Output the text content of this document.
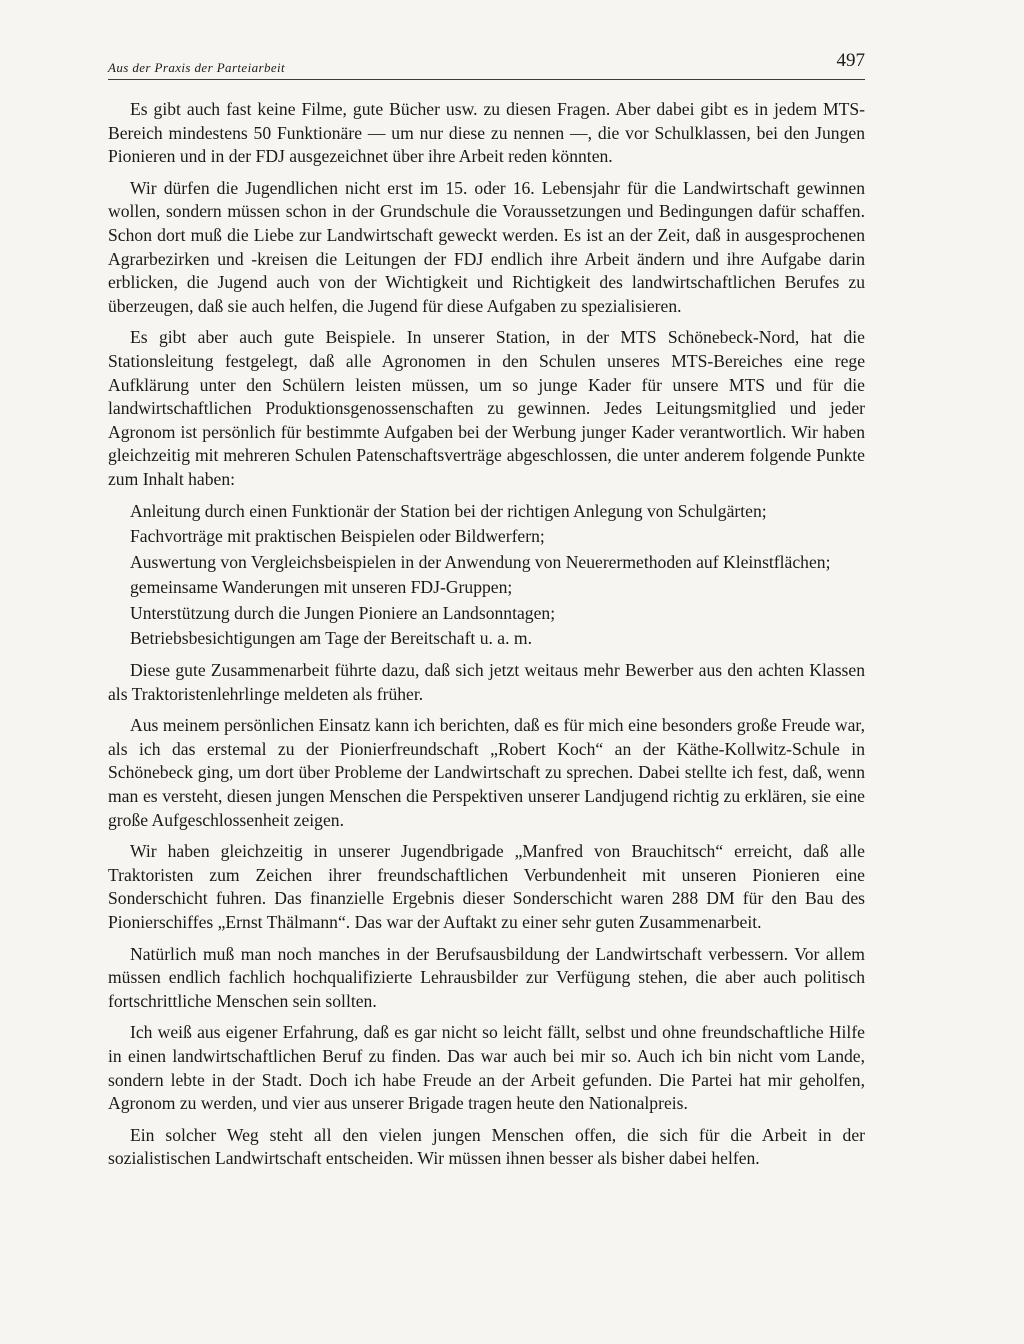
Aus der Praxis der Parteiarbeit	497

Es gibt auch fast keine Filme, gute Bücher usw. zu diesen Fragen. Aber dabei gibt es in jedem MTS-Bereich mindestens 50 Funktionäre — um nur diese zu nennen —, die vor Schulklassen, bei den Jungen Pionieren und in der FDJ ausgezeichnet über ihre Arbeit reden könnten.

Wir dürfen die Jugendlichen nicht erst im 15. oder 16. Lebensjahr für die Landwirtschaft gewinnen wollen, sondern müssen schon in der Grundschule die Voraussetzungen und Bedingungen dafür schaffen. Schon dort muß die Liebe zur Landwirtschaft geweckt werden. Es ist an der Zeit, daß in ausgesprochenen Agrarbezirken und -kreisen die Leitungen der FDJ endlich ihre Arbeit ändern und ihre Aufgabe darin erblicken, die Jugend auch von der Wichtigkeit und Richtigkeit des landwirtschaftlichen Berufes zu überzeugen, daß sie auch helfen, die Jugend für diese Aufgaben zu spezialisieren.

Es gibt aber auch gute Beispiele. In unserer Station, in der MTS Schönebeck-Nord, hat die Stationsleitung festgelegt, daß alle Agronomen in den Schulen unseres MTS-Bereiches eine rege Aufklärung unter den Schülern leisten müssen, um so junge Kader für unsere MTS und für die landwirtschaftlichen Produktionsgenossenschaften zu gewinnen. Jedes Leitungsmitglied und jeder Agronom ist persönlich für bestimmte Aufgaben bei der Werbung junger Kader verantwortlich. Wir haben gleichzeitig mit mehreren Schulen Patenschaftsverträge abgeschlossen, die unter anderem folgende Punkte zum Inhalt haben:

Anleitung durch einen Funktionär der Station bei der richtigen Anlegung von Schulgärten;

Fachvorträge mit praktischen Beispielen oder Bildwerfern;

Auswertung von Vergleichsbeispielen in der Anwendung von Neuerermethoden auf Kleinstflächen;

gemeinsame Wanderungen mit unseren FDJ-Gruppen;

Unterstützung durch die Jungen Pioniere an Landsonntagen;

Betriebsbesichtigungen am Tage der Bereitschaft u. a. m.

Diese gute Zusammenarbeit führte dazu, daß sich jetzt weitaus mehr Bewerber aus den achten Klassen als Traktoristenlehrlinge meldeten als früher.

Aus meinem persönlichen Einsatz kann ich berichten, daß es für mich eine besonders große Freude war, als ich das erstemal zu der Pionierfreundschaft „Robert Koch“ an der Käthe-Kollwitz-Schule in Schönebeck ging, um dort über Probleme der Landwirtschaft zu sprechen. Dabei stellte ich fest, daß, wenn man es versteht, diesen jungen Menschen die Perspektiven unserer Landjugend richtig zu erklären, sie eine große Aufgeschlossenheit zeigen.

Wir haben gleichzeitig in unserer Jugendbrigade „Manfred von Brauchitsch“ erreicht, daß alle Traktoristen zum Zeichen ihrer freundschaftlichen Verbundenheit mit unseren Pionieren eine Sonderschicht fuhren. Das finanzielle Ergebnis dieser Sonderschicht waren 288 DM für den Bau des Pionierschiffes „Ernst Thälmann“. Das war der Auftakt zu einer sehr guten Zusammenarbeit.

Natürlich muß man noch manches in der Berufsausbildung der Landwirtschaft verbessern. Vor allem müssen endlich fachlich hochqualifizierte Lehrausbilder zur Verfügung stehen, die aber auch politisch fortschrittliche Menschen sein sollten.

Ich weiß aus eigener Erfahrung, daß es gar nicht so leicht fällt, selbst und ohne freundschaftliche Hilfe in einen landwirtschaftlichen Beruf zu finden. Das war auch bei mir so. Auch ich bin nicht vom Lande, sondern lebte in der Stadt. Doch ich habe Freude an der Arbeit gefunden. Die Partei hat mir geholfen, Agronom zu werden, und vier aus unserer Brigade tragen heute den Nationalpreis.

Ein solcher Weg steht all den vielen jungen Menschen offen, die sich für die Arbeit in der sozialistischen Landwirtschaft entscheiden. Wir müssen ihnen besser als bisher dabei helfen.
